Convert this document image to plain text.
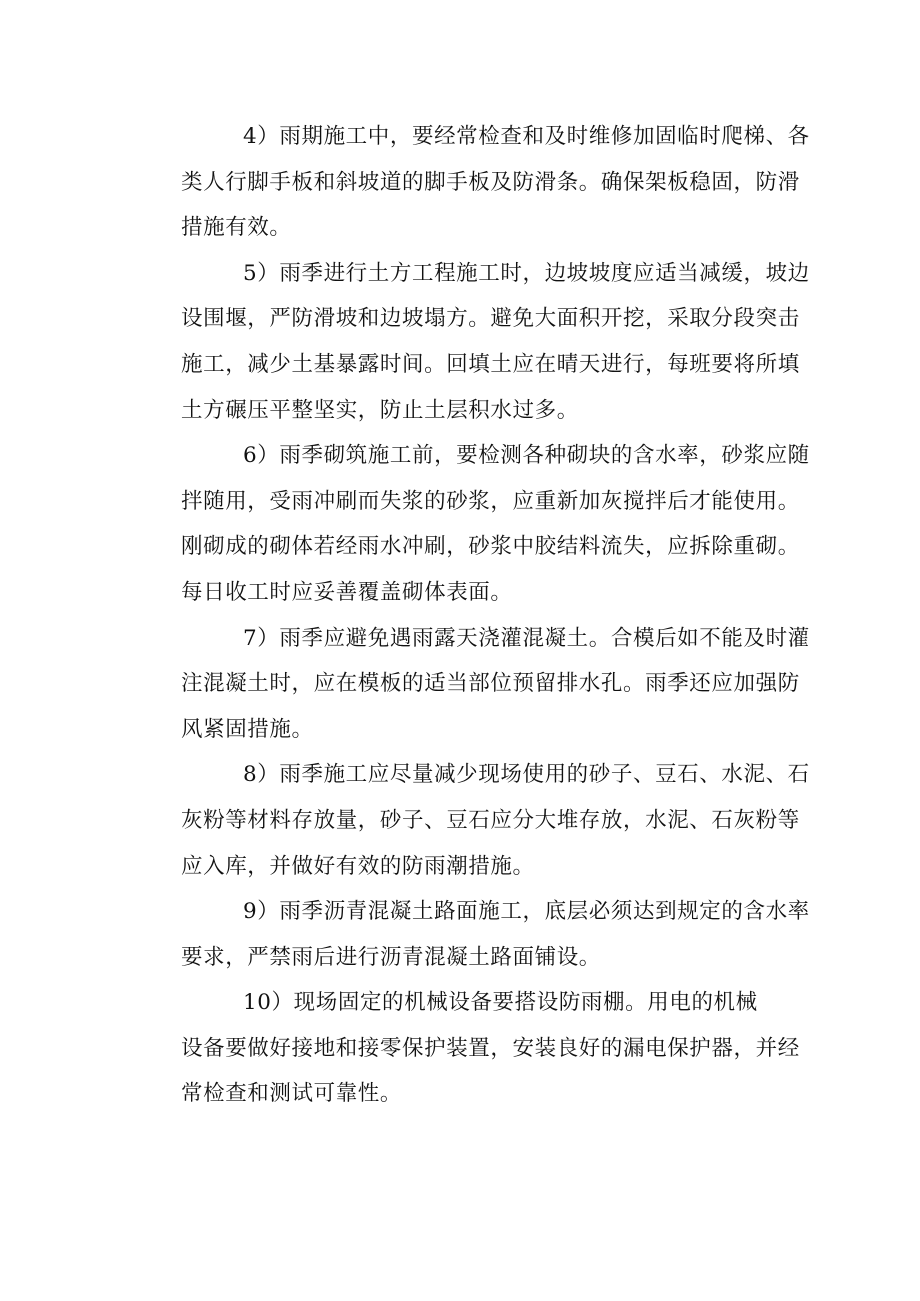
4）雨期施工中，要经常检查和及时维修加固临时爬梯、各
类人行脚手板和斜坡道的脚手板及防滑条。确保架板稳固，防滑
措施有效。
5）雨季进行土方工程施工时，边坡坡度应适当减缓，坡边
设围堰，严防滑坡和边坡塌方。避免大面积开挖，采取分段突击
施工，减少土基暴露时间。回填土应在晴天进行，每班要将所填
土方碾压平整坚实，防止土层积水过多。
6）雨季砌筑施工前，要检测各种砌块的含水率，砂浆应随
拌随用，受雨冲刷而失浆的砂浆，应重新加灰搅拌后才能使用。
刚砌成的砌体若经雨水冲刷，砂浆中胶结料流失，应拆除重砌。
每日收工时应妥善覆盖砌体表面。
7）雨季应避免遇雨露天浇灌混凝土。合模后如不能及时灌
注混凝土时，应在模板的适当部位预留排水孔。雨季还应加强防
风紧固措施。
8）雨季施工应尽量减少现场使用的砂子、豆石、水泥、石
灰粉等材料存放量，砂子、豆石应分大堆存放，水泥、石灰粉等
应入库，并做好有效的防雨潮措施。
9）雨季沥青混凝土路面施工，底层必须达到规定的含水率
要求，严禁雨后进行沥青混凝土路面铺设。
10）现场固定的机械设备要搭设防雨棚。用电的机械
设备要做好接地和接零保护装置，安装良好的漏电保护器，并经
常检查和测试可靠性。
